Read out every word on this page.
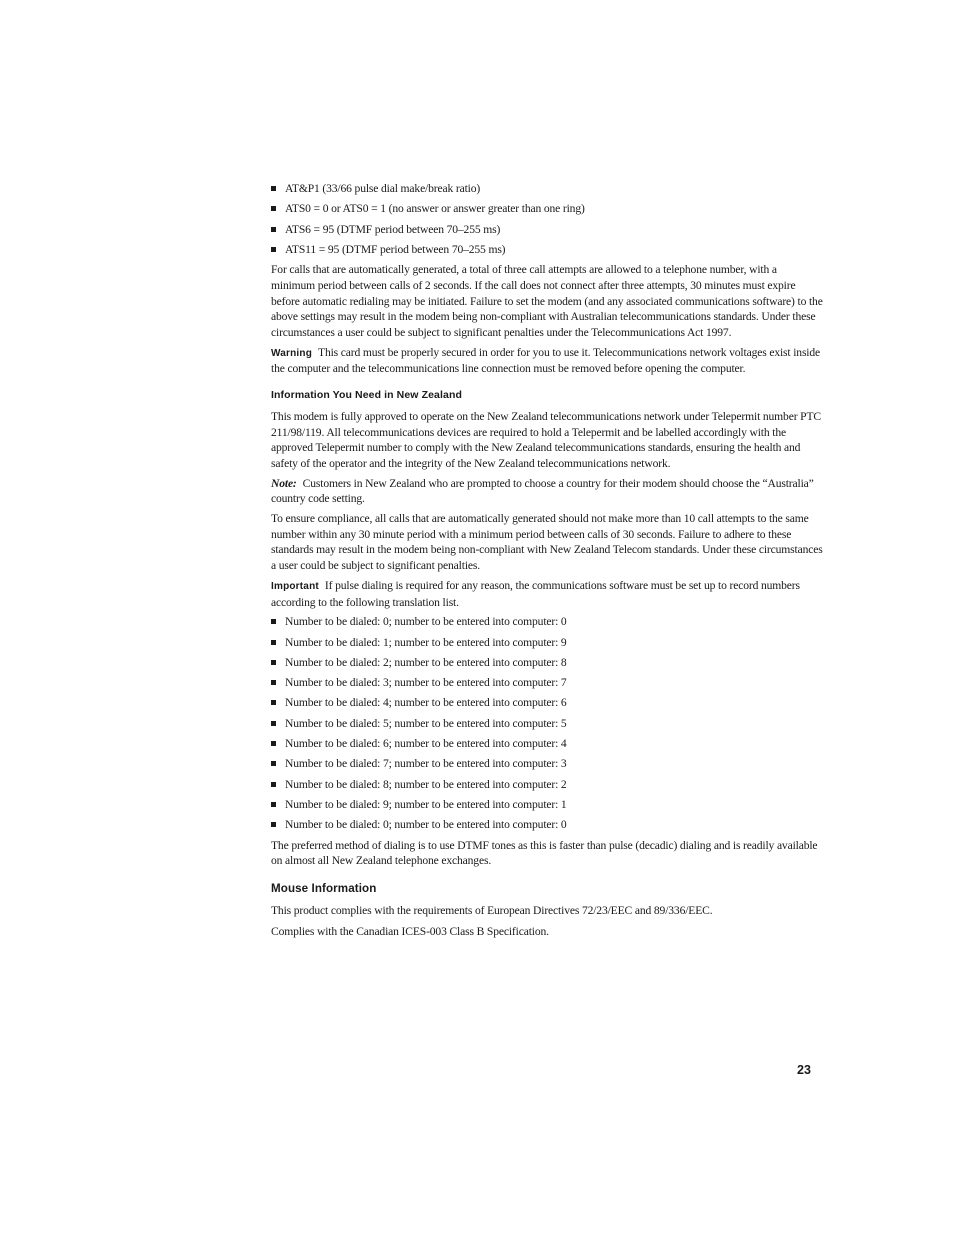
AT&P1 (33/66 pulse dial make/break ratio)
ATS0 = 0 or ATS0 = 1 (no answer or answer greater than one ring)
ATS6 = 95 (DTMF period between 70–255 ms)
ATS11 = 95 (DTMF period between 70–255 ms)

For calls that are automatically generated, a total of three call attempts are allowed to a telephone number, with a minimum period between calls of 2 seconds. If the call does not connect after three attempts, 30 minutes must expire before automatic redialing may be initiated. Failure to set the modem (and any associated communications software) to the above settings may result in the modem being non-compliant with Australian telecommunications standards. Under these circumstances a user could be subject to significant penalties under the Telecommunications Act 1997.

Warning This card must be properly secured in order for you to use it. Telecommunications network voltages exist inside the computer and the telecommunications line connection must be removed before opening the computer.

Information You Need in New Zealand

This modem is fully approved to operate on the New Zealand telecommunications network under Telepermit number PTC 211/98/119. All telecommunications devices are required to hold a Telepermit and be labelled accordingly with the approved Telepermit number to comply with the New Zealand telecommunications standards, ensuring the health and safety of the operator and the integrity of the New Zealand telecommunications network.

Note: Customers in New Zealand who are prompted to choose a country for their modem should choose the “Australia” country code setting.

To ensure compliance, all calls that are automatically generated should not make more than 10 call attempts to the same number within any 30 minute period with a minimum period between calls of 30 seconds. Failure to adhere to these standards may result in the modem being non-compliant with New Zealand Telecom standards. Under these circumstances a user could be subject to significant penalties.

Important If pulse dialing is required for any reason, the communications software must be set up to record numbers according to the following translation list.

Number to be dialed: 0; number to be entered into computer: 0
Number to be dialed: 1; number to be entered into computer: 9
Number to be dialed: 2; number to be entered into computer: 8
Number to be dialed: 3; number to be entered into computer: 7
Number to be dialed: 4; number to be entered into computer: 6
Number to be dialed: 5; number to be entered into computer: 5
Number to be dialed: 6; number to be entered into computer: 4
Number to be dialed: 7; number to be entered into computer: 3
Number to be dialed: 8; number to be entered into computer: 2
Number to be dialed: 9; number to be entered into computer: 1
Number to be dialed: 0; number to be entered into computer: 0

The preferred method of dialing is to use DTMF tones as this is faster than pulse (decadic) dialing and is readily available on almost all New Zealand telephone exchanges.

Mouse Information

This product complies with the requirements of European Directives 72/23/EEC and 89/336/EEC.

Complies with the Canadian ICES-003 Class B Specification.

23
